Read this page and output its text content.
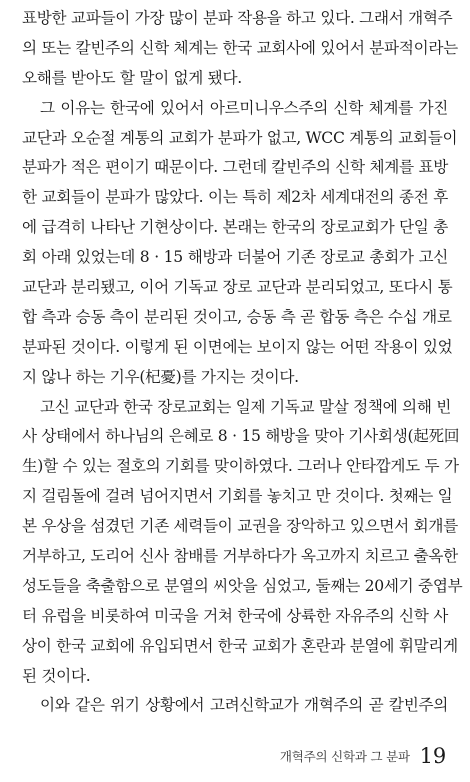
표방한 교파들이 가장 많이 분파 작용을 하고 있다. 그래서 개혁주
의 또는 칼빈주의 신학 체계는 한국 교회사에 있어서 분파적이라는
오해를 받아도 할 말이 없게 됐다.
그 이유는 한국에 있어서 아르미니우스주의 신학 체계를 가진
교단과 오순절 계통의 교회가 분파가 없고, WCC 계통의 교회들이
분파가 적은 편이기 때문이다. 그런데 칼빈주의 신학 체계를 표방
한 교회들이 분파가 많았다. 이는 특히 제2차 세계대전의 종전 후
에 급격히 나타난 기현상이다. 본래는 한국의 장로교회가 단일 총
회 아래 있었는데 8 · 15 해방과 더불어 기존 장로교 총회가 고신
교단과 분리됐고, 이어 기독교 장로 교단과 분리되었고, 또다시 통
합 측과 승동 측이 분리된 것이고, 승동 측 곧 합동 측은 수십 개로
분파된 것이다. 이렇게 된 이면에는 보이지 않는 어떤 작용이 있었
지 않나 하는 기우(杞憂)를 가지는 것이다.
고신 교단과 한국 장로교회는 일제 기독교 말살 정책에 의해 빈
사 상태에서 하나님의 은혜로 8 · 15 해방을 맞아 기사회생(起死回
生)할 수 있는 절호의 기회를 맞이하였다. 그러나 안타깝게도 두 가
지 걸림돌에 걸려 넘어지면서 기회를 놓치고 만 것이다. 첫째는 일
본 우상을 섬겼던 기존 세력들이 교권을 장악하고 있으면서 회개를
거부하고, 도리어 신사 참배를 거부하다가 옥고까지 치르고 출옥한
성도들을 축출함으로 분열의 씨앗을 심었고, 둘째는 20세기 중엽부
터 유럽을 비롯하여 미국을 거쳐 한국에 상륙한 자유주의 신학 사
상이 한국 교회에 유입되면서 한국 교회가 혼란과 분열에 휘말리게
된 것이다.
이와 같은 위기 상황에서 고려신학교가 개혁주의 곧 칼빈주의
개혁주의 신학과 그 분파 19
